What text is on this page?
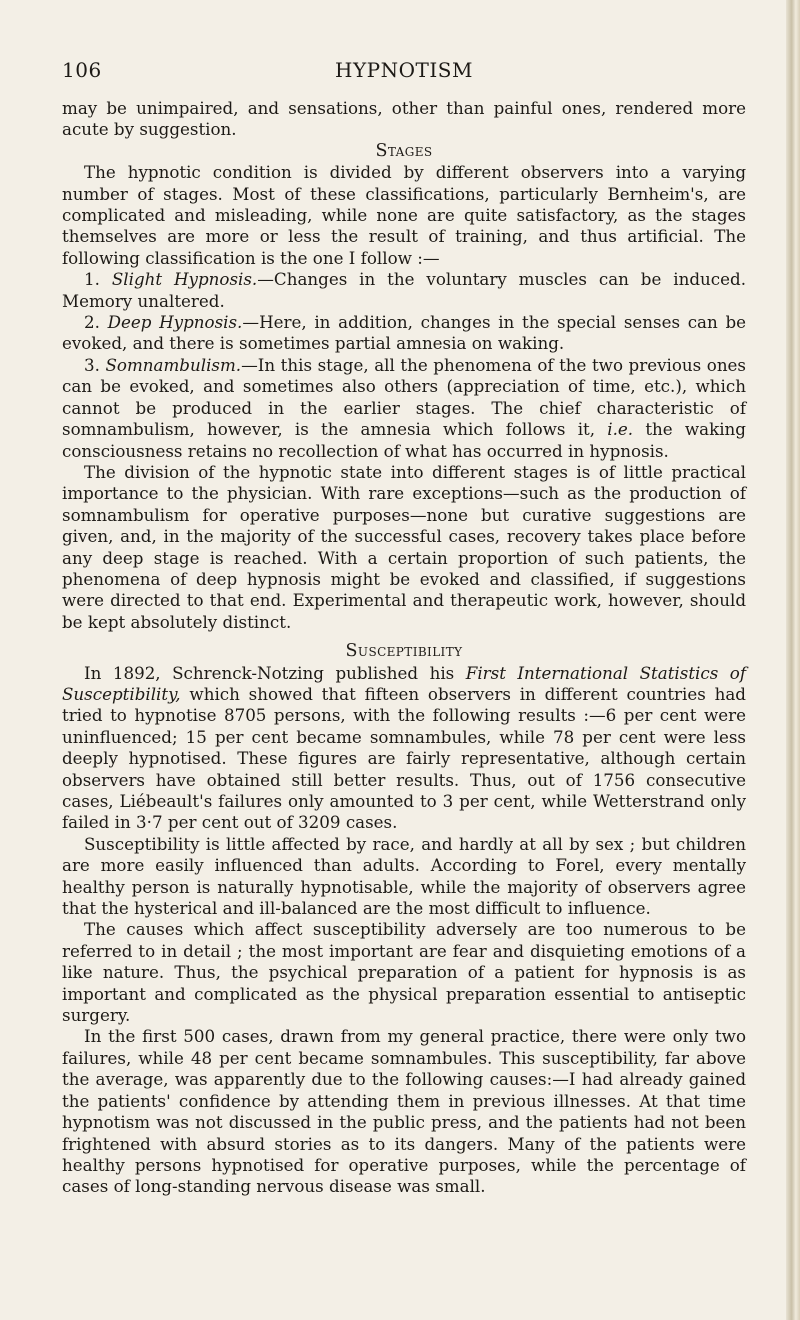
106	HYPNOTISM

may be unimpaired, and sensations, other than painful ones, rendered more acute by suggestion.

Stages

The hypnotic condition is divided by different observers into a varying number of stages. Most of these classifications, particularly Bernheim's, are complicated and misleading, while none are quite satisfactory, as the stages themselves are more or less the result of training, and thus artificial. The following classification is the one I follow :—

1. Slight Hypnosis.—Changes in the voluntary muscles can be induced. Memory unaltered.

2. Deep Hypnosis.—Here, in addition, changes in the special senses can be evoked, and there is sometimes partial amnesia on waking.

3. Somnambulism.—In this stage, all the phenomena of the two previous ones can be evoked, and sometimes also others (appreciation of time, etc.), which cannot be produced in the earlier stages. The chief characteristic of somnambulism, however, is the amnesia which follows it, i.e. the waking consciousness retains no recollection of what has occurred in hypnosis.

The division of the hypnotic state into different stages is of little practical importance to the physician. With rare exceptions—such as the production of somnambulism for operative purposes—none but curative suggestions are given, and, in the majority of the successful cases, recovery takes place before any deep stage is reached. With a certain proportion of such patients, the phenomena of deep hypnosis might be evoked and classified, if suggestions were directed to that end. Experimental and therapeutic work, however, should be kept absolutely distinct.

Susceptibility

In 1892, Schrenck-Notzing published his First International Statistics of Susceptibility, which showed that fifteen observers in different countries had tried to hypnotise 8705 persons, with the following results :—6 per cent were uninfluenced; 15 per cent became somnambules, while 78 per cent were less deeply hypnotised. These figures are fairly representative, although certain observers have obtained still better results. Thus, out of 1756 consecutive cases, Liébeault's failures only amounted to 3 per cent, while Wetterstrand only failed in 3·7 per cent out of 3209 cases.

Susceptibility is little affected by race, and hardly at all by sex ; but children are more easily influenced than adults. According to Forel, every mentally healthy person is naturally hypnotisable, while the majority of observers agree that the hysterical and ill-balanced are the most difficult to influence.

The causes which affect susceptibility adversely are too numerous to be referred to in detail ; the most important are fear and disquieting emotions of a like nature. Thus, the psychical preparation of a patient for hypnosis is as important and complicated as the physical preparation essential to antiseptic surgery.

In the first 500 cases, drawn from my general practice, there were only two failures, while 48 per cent became somnambules. This susceptibility, far above the average, was apparently due to the following causes:—I had already gained the patients' confidence by attending them in previous illnesses. At that time hypnotism was not discussed in the public press, and the patients had not been frightened with absurd stories as to its dangers. Many of the patients were healthy persons hypnotised for operative purposes, while the percentage of cases of long-standing nervous disease was small.
